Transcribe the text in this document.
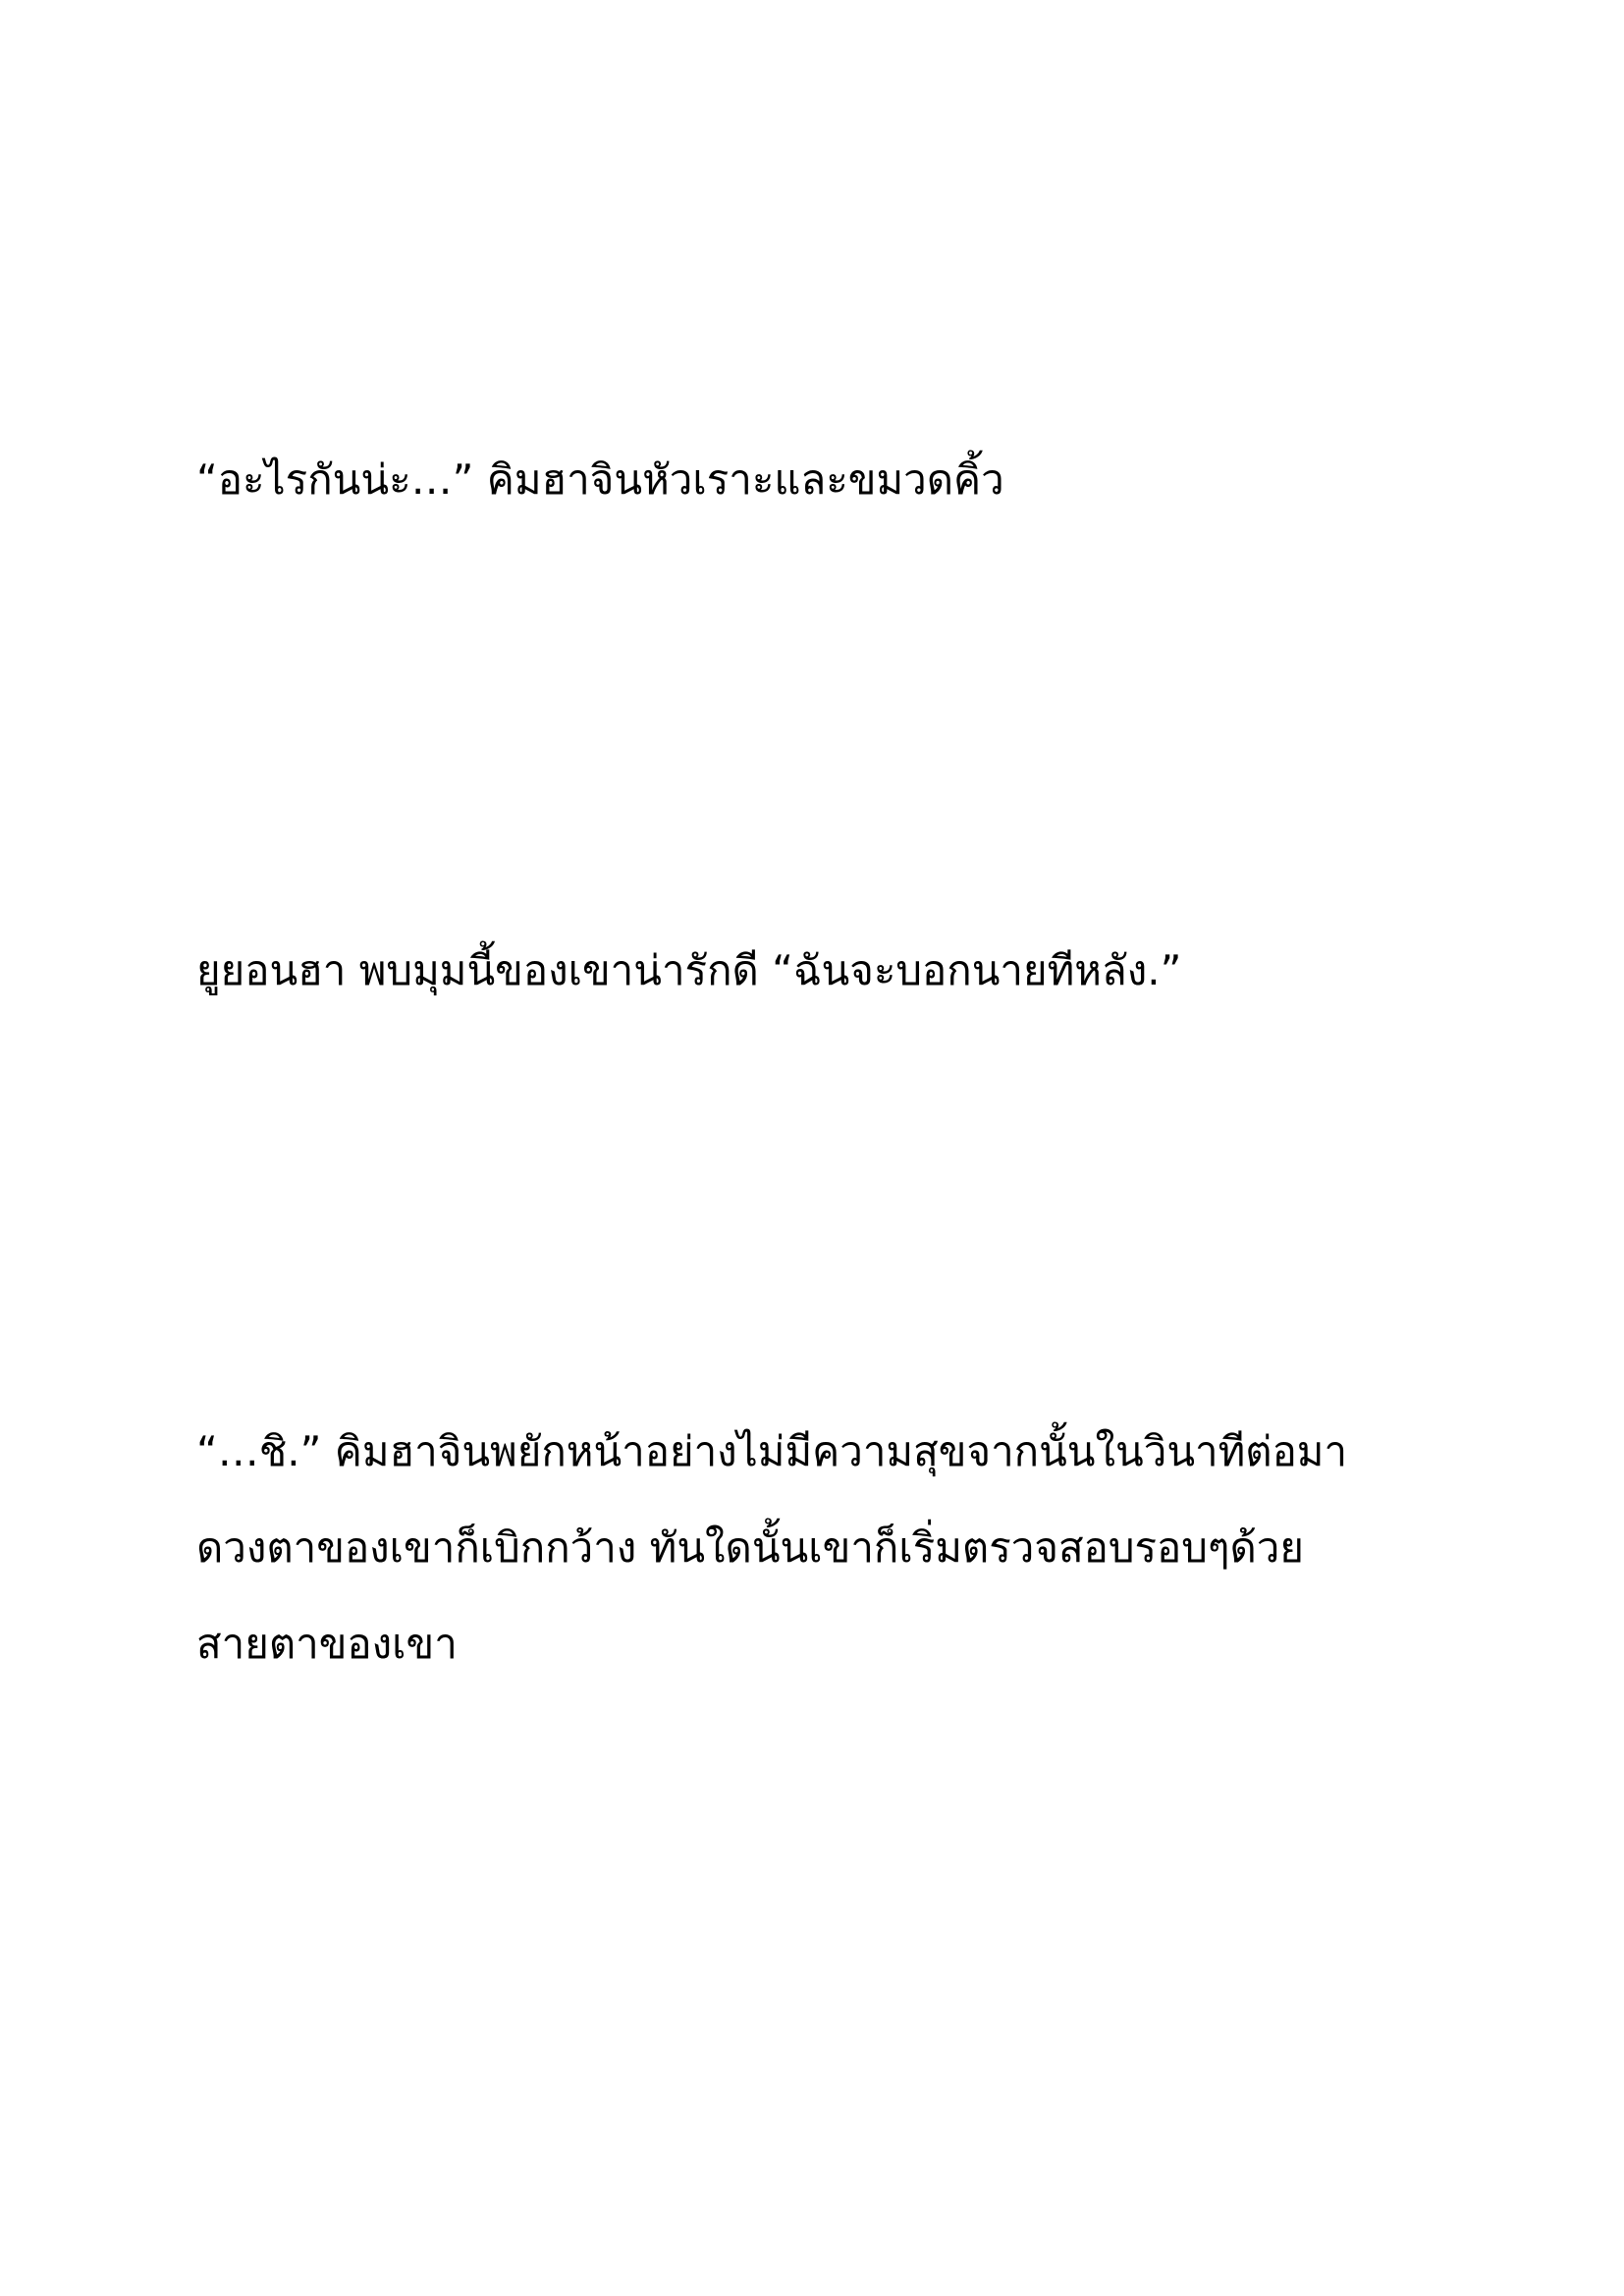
“อะไรกันน่ะ…” คิมฮาจินหัวเราะและขมวดคิ้ว

ยูยอนฮา พบมุมนี้ของเขาน่ารักดี “ฉันจะบอกนายทีหลัง.”

“…ชิ.” คิมฮาจินพยักหน้าอย่างไม่มีความสุขจากนั้นในวินาทีต่อมา
ดวงตาของเขาก็เบิกกว้าง ทันใดนั้นเขาก็เริ่มตรวจสอบรอบๆด้วย
สายตาของเขา
